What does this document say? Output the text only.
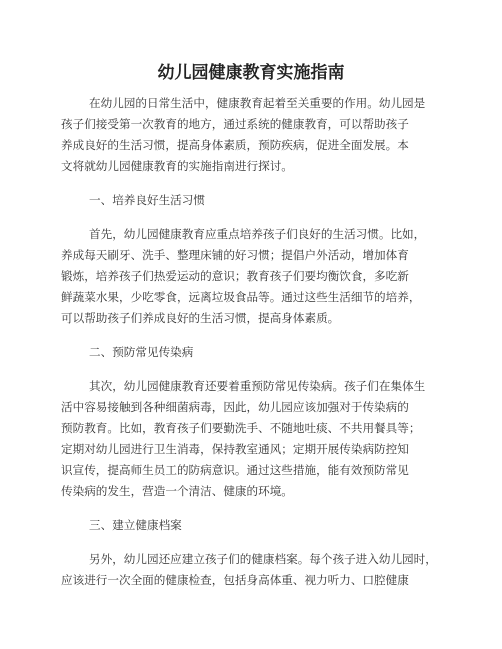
幼儿园健康教育实施指南
在幼儿园的日常生活中，健康教育起着至关重要的作用。幼儿园是
孩子们接受第一次教育的地方，通过系统的健康教育，可以帮助孩子
养成良好的生活习惯，提高身体素质，预防疾病，促进全面发展。本
文将就幼儿园健康教育的实施指南进行探讨。
一、培养良好生活习惯
首先，幼儿园健康教育应重点培养孩子们良好的生活习惯。比如，
养成每天刷牙、洗手、整理床铺的好习惯；提倡户外活动，增加体育
锻炼，培养孩子们热爱运动的意识；教育孩子们要均衡饮食，多吃新
鲜蔬菜水果，少吃零食，远离垃圾食品等。通过这些生活细节的培养，
可以帮助孩子们养成良好的生活习惯，提高身体素质。
二、预防常见传染病
其次，幼儿园健康教育还要着重预防常见传染病。孩子们在集体生
活中容易接触到各种细菌病毒，因此，幼儿园应该加强对于传染病的
预防教育。比如，教育孩子们要勤洗手、不随地吐痰、不共用餐具等；
定期对幼儿园进行卫生消毒，保持教室通风；定期开展传染病防控知
识宣传，提高师生员工的防病意识。通过这些措施，能有效预防常见
传染病的发生，营造一个清洁、健康的环境。
三、建立健康档案
另外，幼儿园还应建立孩子们的健康档案。每个孩子进入幼儿园时，
应该进行一次全面的健康检查，包括身高体重、视力听力、口腔健康
